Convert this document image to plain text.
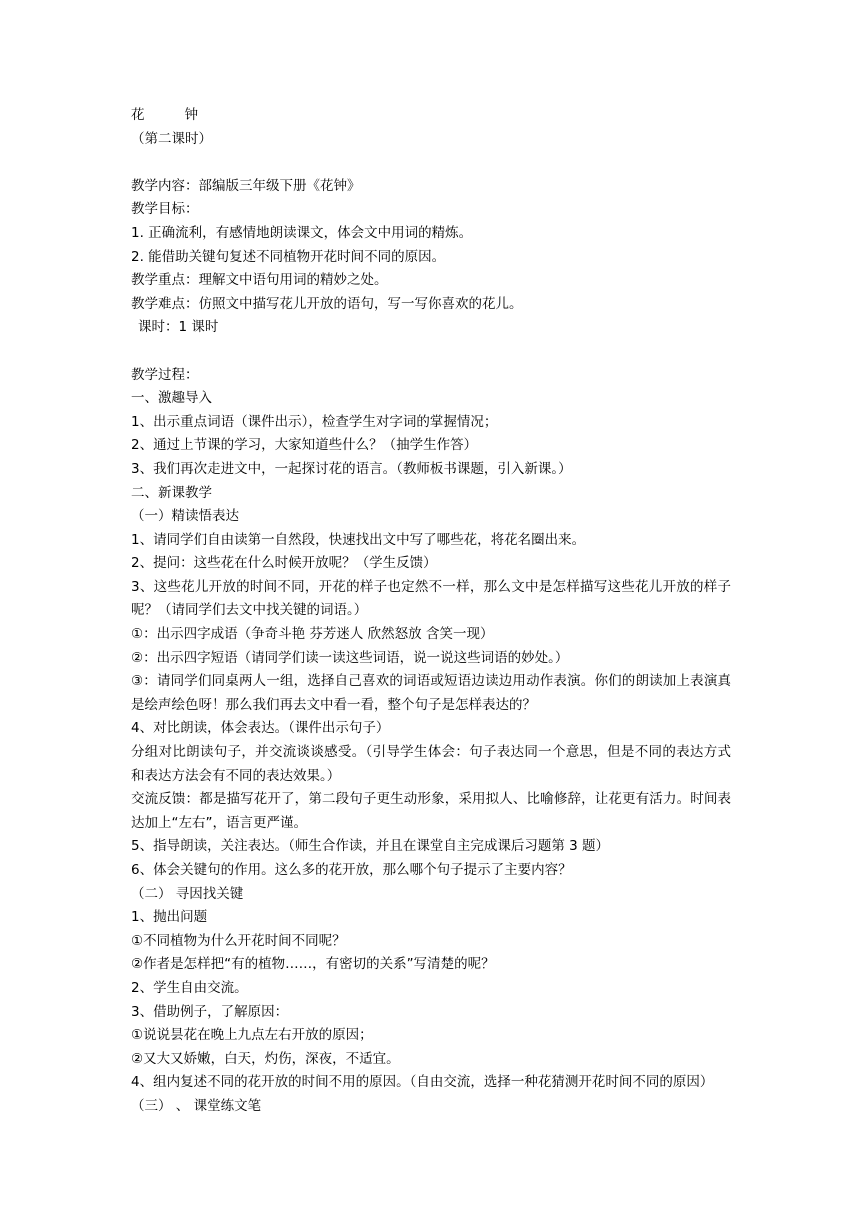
花	钟

（第二课时）

教学内容：部编版三年级下册《花钟》

教学目标：

1. 正确流利，有感情地朗读课文，体会文中用词的精炼。

2. 能借助关键句复述不同植物开花时间不同的原因。

教学重点：理解文中语句用词的精妙之处。

教学难点：仿照文中描写花儿开放的语句，写一写你喜欢的花儿。

课时：1 课时

教学过程：

一、激趣导入

1、出示重点词语（课件出示），检查学生对字词的掌握情况；

2、通过上节课的学习，大家知道些什么？（抽学生作答）

3、我们再次走进文中，一起探讨花的语言。（教师板书课题，引入新课。）

二、新课教学

（一）精读悟表达

1、请同学们自由读第一自然段，快速找出文中写了哪些花，将花名圈出来。

2、提问：这些花在什么时候开放呢？（学生反馈）

3、这些花儿开放的时间不同，开花的样子也定然不一样，那么文中是怎样描写这些花儿开放的样子呢？（请同学们去文中找关键的词语。）

①：出示四字成语（争奇斗艳 芬芳迷人 欣然怒放 含笑一现）

②：出示四字短语（请同学们读一读这些词语，说一说这些词语的妙处。）

③：请同学们同桌两人一组，选择自己喜欢的词语或短语边读边用动作表演。你们的朗读加上表演真是绘声绘色呀！那么我们再去文中看一看，整个句子是怎样表达的？

4、对比朗读，体会表达。（课件出示句子）

分组对比朗读句子，并交流谈谈感受。（引导学生体会：句子表达同一个意思，但是不同的表达方式和表达方法会有不同的表达效果。）

交流反馈：都是描写花开了，第二段句子更生动形象，采用拟人、比喻修辞，让花更有活力。时间表达加上“左右”，语言更严谨。

5、指导朗读，关注表达。（师生合作读，并且在课堂自主完成课后习题第 3 题）

6、体会关键句的作用。这么多的花开放，那么哪个句子提示了主要内容？

（二） 寻因找关键

1、抛出问题

①不同植物为什么开花时间不同呢？

②作者是怎样把“有的植物……，有密切的关系”写清楚的呢？

2、学生自由交流。

3、借助例子，了解原因：

①说说昙花在晚上九点左右开放的原因；

②又大又娇嫩，白天，灼伤，深夜，不适宜。

4、组内复述不同的花开放的时间不用的原因。（自由交流，选择一种花猜测开花时间不同的原因）

（三） 、 课堂练文笔
